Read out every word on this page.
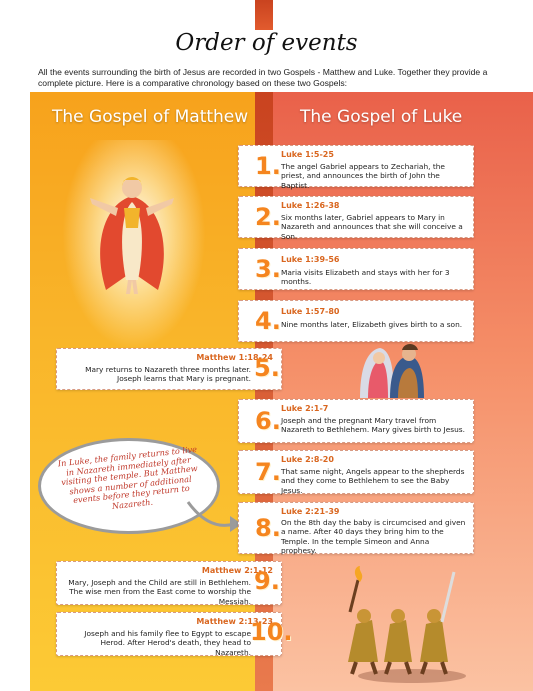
Order of events
All the events surrounding the birth of Jesus are recorded in two Gospels - Matthew and Luke. Together they provide a complete picture. Here is a comparative chronology based on these two Gospels:
The Gospel of Matthew	The Gospel of Luke
In Luke, the family returns to live in Nazareth immediately after visiting the temple. But Matthew shows a number of additional events before they return to Nazareth.
1. Luke 1:5-25
The angel Gabriel appears to Zechariah, the priest, and announces the birth of John the Baptist.
2. Luke 1:26-38
Six months later, Gabriel appears to Mary in Nazareth and announces that she will conceive a Son.
3. Luke 1:39-56
Maria visits Elizabeth and stays with her for 3 months.
4. Luke 1:57-80
Nine months later, Elizabeth gives birth to a son.
Matthew 1:18-24
Mary returns to Nazareth three months later. Joseph learns that Mary is pregnant. 5.
6. Luke 2:1-7
Joseph and the pregnant Mary travel from Nazareth to Bethlehem. Mary gives birth to Jesus.
7. Luke 2:8-20
That same night, Angels appear to the shepherds and they come to Bethlehem to see the Baby Jesus.
8.
Luke 2:21-39
On the 8th day the baby is circumcised and given a name. After 40 days they bring him to the Temple. In the temple Simeon and Anna prophesy.
Matthew 2:1-12
Mary, Joseph and the Child are still in Bethlehem. The wise men from the East come to worship the Messiah.
9.
Matthew 2:13-23
Joseph and his family flee to Egypt to escape Herod. After Herod's death, they head to Nazareth.
10.
